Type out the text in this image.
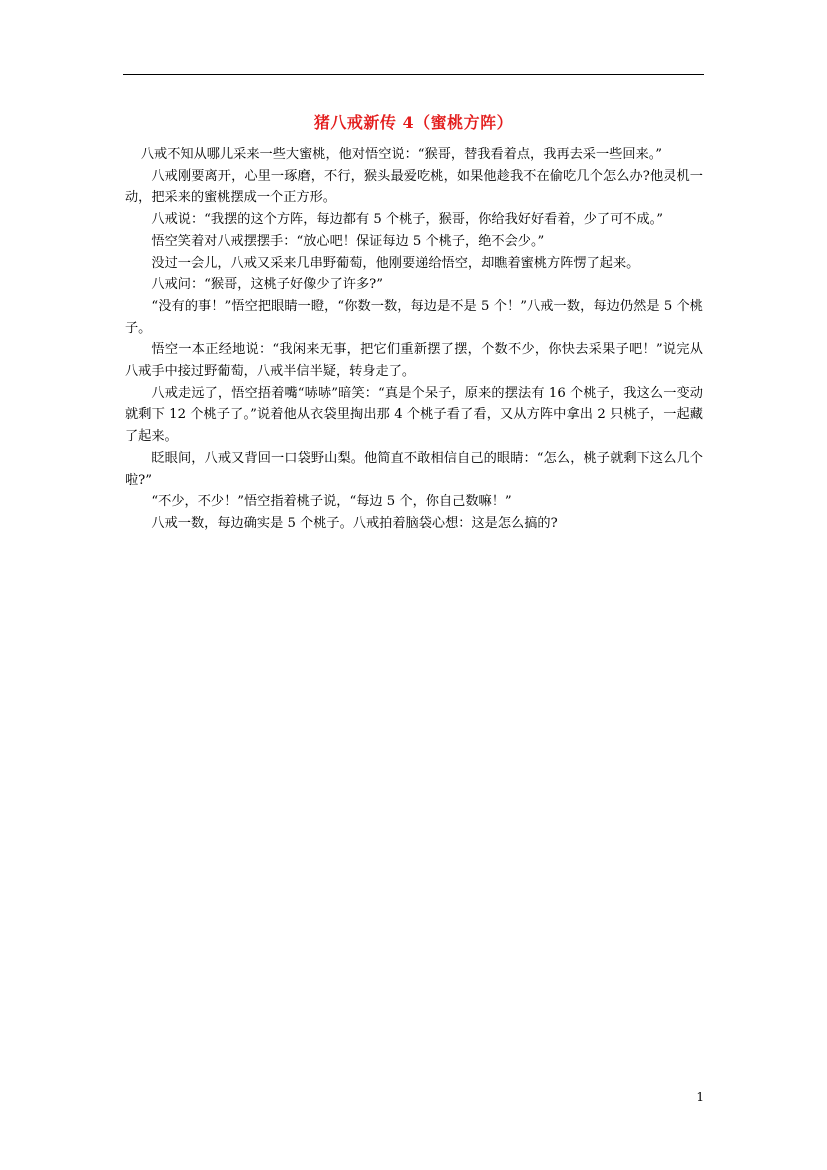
猪八戒新传 4（蜜桃方阵）

八戒不知从哪儿采来一些大蜜桃，他对悟空说：“猴哥，替我看着点，我再去采一些回来。”

八戒刚要离开，心里一琢磨，不行，猴头最爱吃桃，如果他趁我不在偷吃几个怎么办?他灵机一动，把采来的蜜桃摆成一个正方形。

八戒说：“我摆的这个方阵，每边都有 5 个桃子，猴哥，你给我好好看着，少了可不成。”

悟空笑着对八戒摆摆手：“放心吧！保证每边 5 个桃子，绝不会少。”

没过一会儿，八戒又采来几串野葡萄，他刚要递给悟空，却瞧着蜜桃方阵愣了起来。

八戒问：“猴哥，这桃子好像少了许多?”

“没有的事！”悟空把眼睛一瞪，“你数一数，每边是不是 5 个！”八戒一数，每边仍然是 5 个桃子。

悟空一本正经地说：“我闲来无事，把它们重新摆了摆，个数不少，你快去采果子吧！”说完从八戒手中接过野葡萄，八戒半信半疑，转身走了。

八戒走远了，悟空捂着嘴“哧哧”暗笑：“真是个呆子，原来的摆法有 16 个桃子，我这么一变动就剩下 12 个桃子了。”说着他从衣袋里掏出那 4 个桃子看了看，又从方阵中拿出 2 只桃子，一起藏了起来。

眨眼间，八戒又背回一口袋野山梨。他简直不敢相信自己的眼睛：“怎么，桃子就剩下这么几个啦?”

“不少，不少！”悟空指着桃子说，“每边 5 个，你自己数嘛！”

八戒一数，每边确实是 5 个桃子。八戒拍着脑袋心想：这是怎么搞的?

1
